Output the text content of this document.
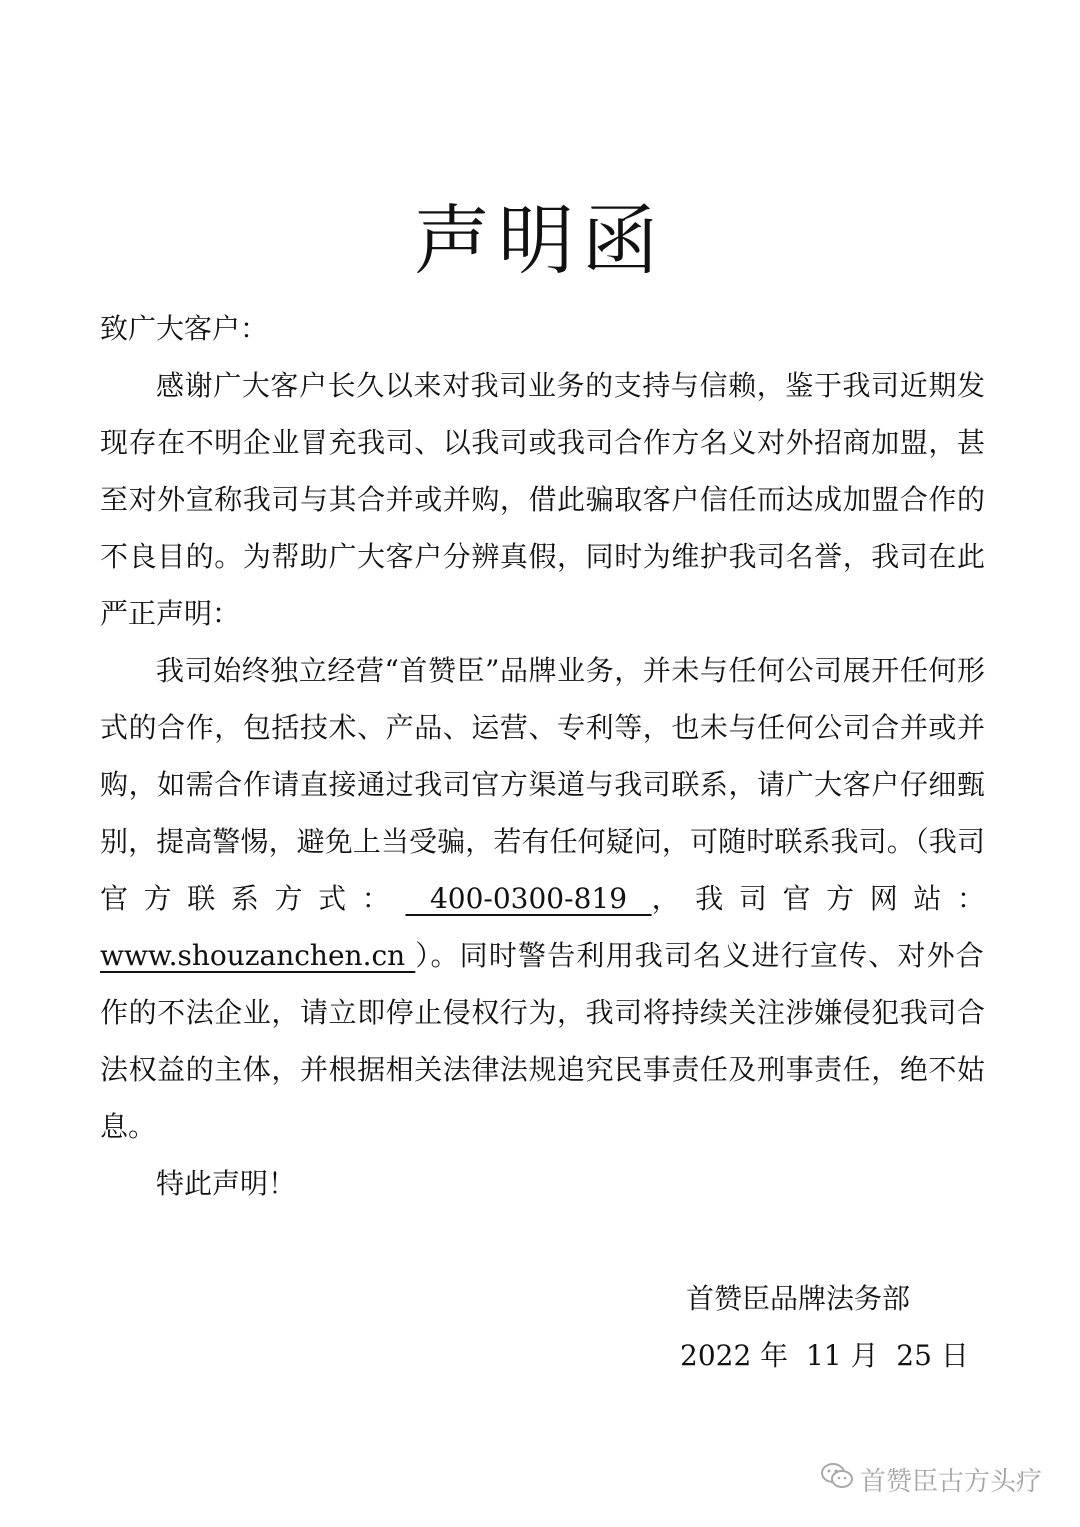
声明函

致广大客户：

感谢广大客户长久以来对我司业务的支持与信赖，鉴于我司近期发现存在不明企业冒充我司、以我司或我司合作方名义对外招商加盟，甚至对外宣称我司与其合并或并购，借此骗取客户信任而达成加盟合作的不良目的。为帮助广大客户分辨真假，同时为维护我司名誉，我司在此严正声明：

我司始终独立经营“首赞臣”品牌业务，并未与任何公司展开任何形式的合作，包括技术、产品、运营、专利等，也未与任何公司合并或并购，如需合作请直接通过我司官方渠道与我司联系，请广大客户仔细甄别，提高警惕，避免上当受骗，若有任何疑问，可随时联系我司。（我司官方联系方式： 400-0300-819 ，我司官方网站： www.shouzanchen.cn ）。同时警告利用我司名义进行宣传、对外合作的不法企业，请立即停止侵权行为，我司将持续关注涉嫌侵犯我司合法权益的主体，并根据相关法律法规追究民事责任及刑事责任，绝不姑息。

特此声明！

首赞臣品牌法务部
2022 年  11 月  25 日
首赞臣古方头疗
